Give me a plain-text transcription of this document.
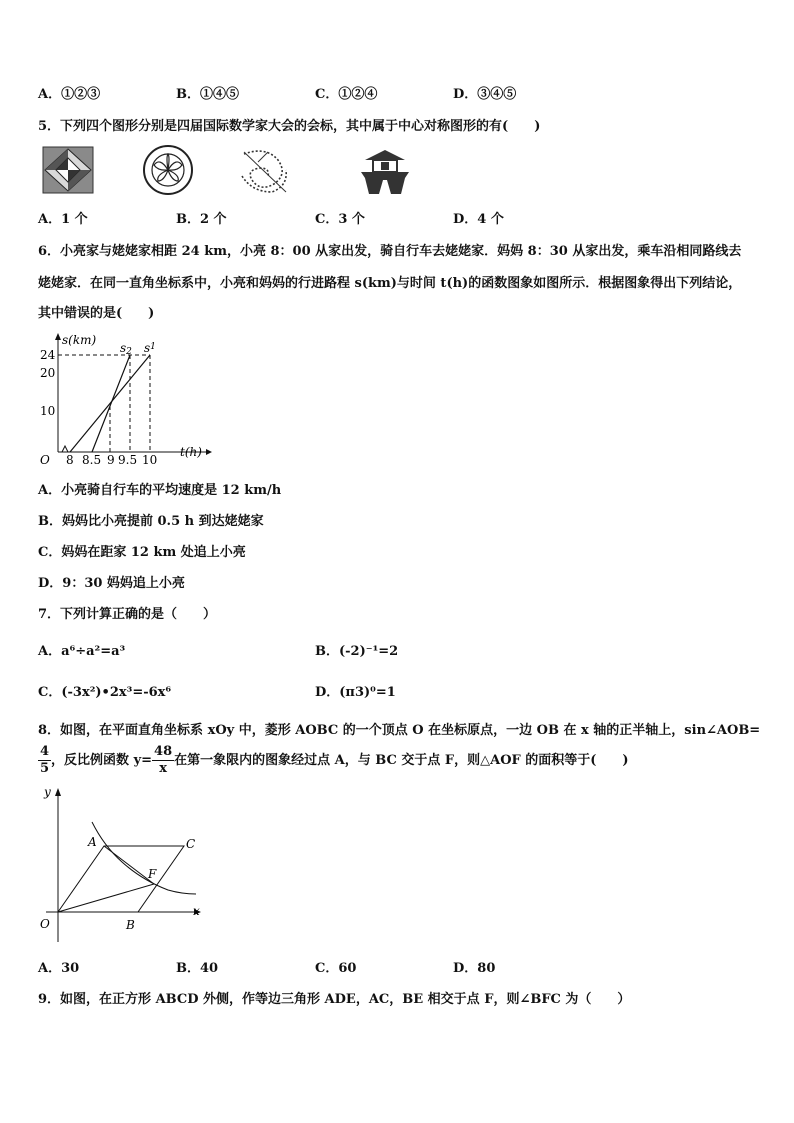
A．①②③	B．①④⑤	C．①②④	D．③④⑤
5．下列四个图形分别是四届国际数学家大会的会标，其中属于中心对称图形的有(　　)
A．1 个	B．2 个	C．3 个	D．4 个
6．小亮家与姥姥家相距 24 km，小亮 8：00 从家出发，骑自行车去姥姥家．妈妈 8：30 从家出发，乘车沿相同路线去
姥姥家．在同一直角坐标系中，小亮和妈妈的行进路程 s(km)与时间 t(h)的函数图象如图所示．根据图象得出下列结论，
其中错误的是(　　)
s(km)
t(h)
O
24
20
10
8 8.5 9 9.5 10
s2 $s^1$
A．小亮骑自行车的平均速度是 12 km/h
B．妈妈比小亮提前 0.5 h 到达姥姥家
C．妈妈在距家 12 km 处追上小亮
D．9：30 妈妈追上小亮
7．下列计算正确的是（　　）
A．a⁶÷a²=a³	B．(-2)⁻¹=2
C．(-3x²)•2x³=-6x⁶	D．(π3)⁰=1
8．如图，在平面直角坐标系 xOy 中，菱形 AOBC 的一个顶点 O 在坐标原点，一边 OB 在 x 轴的正半轴上，sin∠AOB=
$\frac{4}{5}$ ，反比例函数 $y= \frac{48}{x}$ 在第一象限内的图象经过点 A，与 BC 交于点 F，则△AOF 的面积等于(　　)
y
x
O
A
B
C
F
A．30	B．40	C．60	D．80
9．如图，在正方形 ABCD 外侧，作等边三角形 ADE，AC，BE 相交于点 F，则∠BFC 为（　　）
